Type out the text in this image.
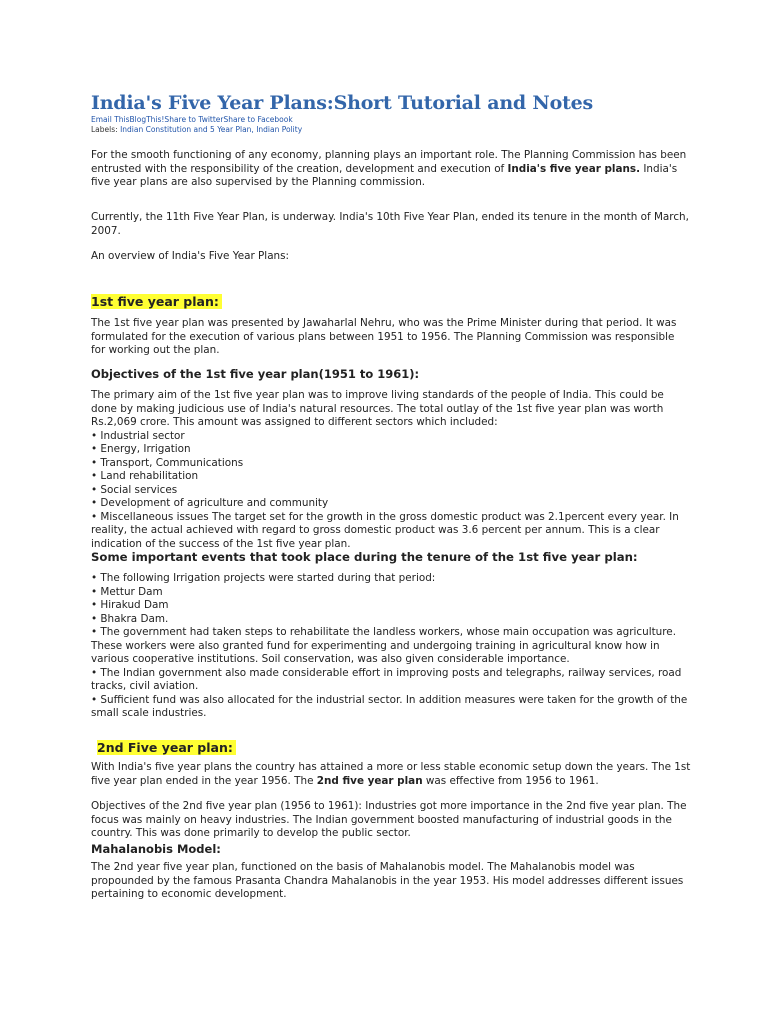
India's Five Year Plans:Short Tutorial and Notes
Email ThisBlogThis!Share to TwitterShare to Facebook
Labels: Indian Constitution and 5 Year Plan, Indian Polity

For the smooth functioning of any economy, planning plays an important role. The Planning Commission has been entrusted with the responsibility of the creation, development and execution of India's five year plans. India's five year plans are also supervised by the Planning commission.

Currently, the 11th Five Year Plan, is underway. India's 10th Five Year Plan, ended its tenure in the month of March, 2007.

An overview of India's Five Year Plans:

1st five year plan:

The 1st five year plan was presented by Jawaharlal Nehru, who was the Prime Minister during that period. It was formulated for the execution of various plans between 1951 to 1956. The Planning Commission was responsible for working out the plan.

Objectives of the 1st five year plan(1951 to 1961):
The primary aim of the 1st five year plan was to improve living standards of the people of India. This could be done by making judicious use of India's natural resources. The total outlay of the 1st five year plan was worth Rs.2,069 crore. This amount was assigned to different sectors which included:
• Industrial sector
• Energy, Irrigation
• Transport, Communications
• Land rehabilitation
• Social services
• Development of agriculture and community
• Miscellaneous issues The target set for the growth in the gross domestic product was 2.1percent every year. In reality, the actual achieved with regard to gross domestic product was 3.6 percent per annum. This is a clear indication of the success of the 1st five year plan.
Some important events that took place during the tenure of the 1st five year plan:
• The following Irrigation projects were started during that period:
• Mettur Dam
• Hirakud Dam
• Bhakra Dam.
• The government had taken steps to rehabilitate the landless workers, whose main occupation was agriculture. These workers were also granted fund for experimenting and undergoing training in agricultural know how in various cooperative institutions. Soil conservation, was also given considerable importance.
• The Indian government also made considerable effort in improving posts and telegraphs, railway services, road tracks, civil aviation.
• Sufficient fund was also allocated for the industrial sector. In addition measures were taken for the growth of the small scale industries.
2nd Five year plan:

With India's five year plans the country has attained a more or less stable economic setup down the years. The 1st five year plan ended in the year 1956. The 2nd five year plan was effective from 1956 to 1961.

Objectives of the 2nd five year plan (1956 to 1961): Industries got more importance in the 2nd five year plan. The focus was mainly on heavy industries. The Indian government boosted manufacturing of industrial goods in the country. This was done primarily to develop the public sector.

Mahalanobis Model:

The 2nd year five year plan, functioned on the basis of Mahalanobis model. The Mahalanobis model was propounded by the famous Prasanta Chandra Mahalanobis in the year 1953. His model addresses different issues pertaining to economic development.
